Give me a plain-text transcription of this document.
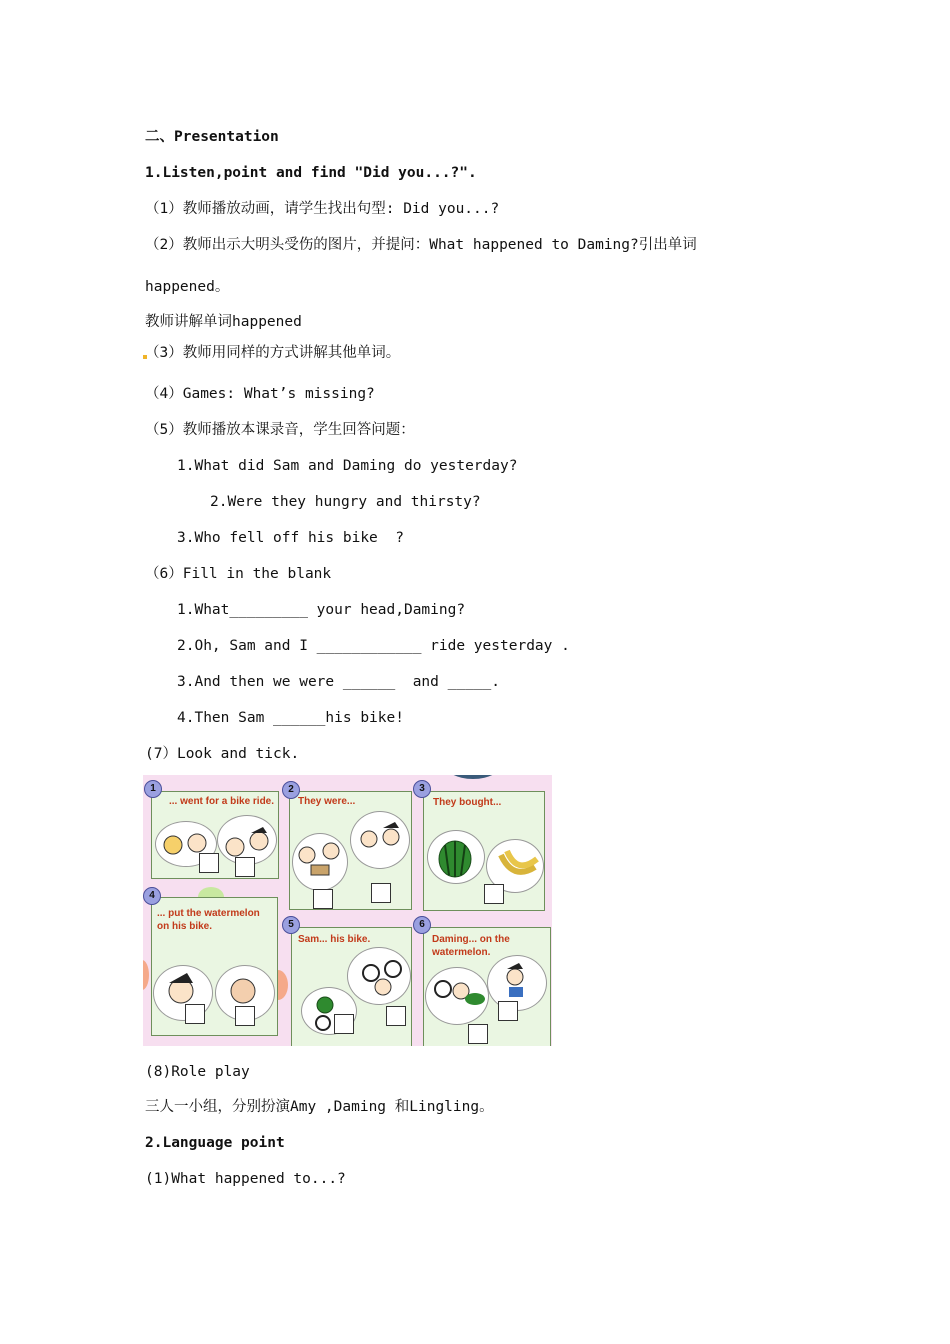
二、Presentation
1.Listen,point and find "Did you...?".
（1）教师播放动画，请学生找出句型: Did you...?
（2）教师出示大明头受伤的图片，并提问：What happened to Daming?引出单词
happened。
教师讲解单词happened
（3）教师用同样的方式讲解其他单词。
（4）Games: What’s missing?
（5）教师播放本课录音，学生回答问题：
1.What did Sam and Daming do yesterday?
2.Were they hungry and thirsty?
3.Who fell off his bike  ?
（6）Fill in the blank
1.What_________ your head,Daming?
2.Oh, Sam and I ____________ ride yesterday .
3.And then we were ______  and _____.
4.Then Sam ______his bike!
(7）Look and tick.
1
... went for a bike ride.
2
They were...
3
They bought...
4
... put the watermelon
on his bike.	5
Sam... his bike.
6
Daming... on the
watermelon.
(8)Role play
三人一小组，分别扮演Amy ,Daming 和Lingling。
2.Language point
(1)What happened to...?
